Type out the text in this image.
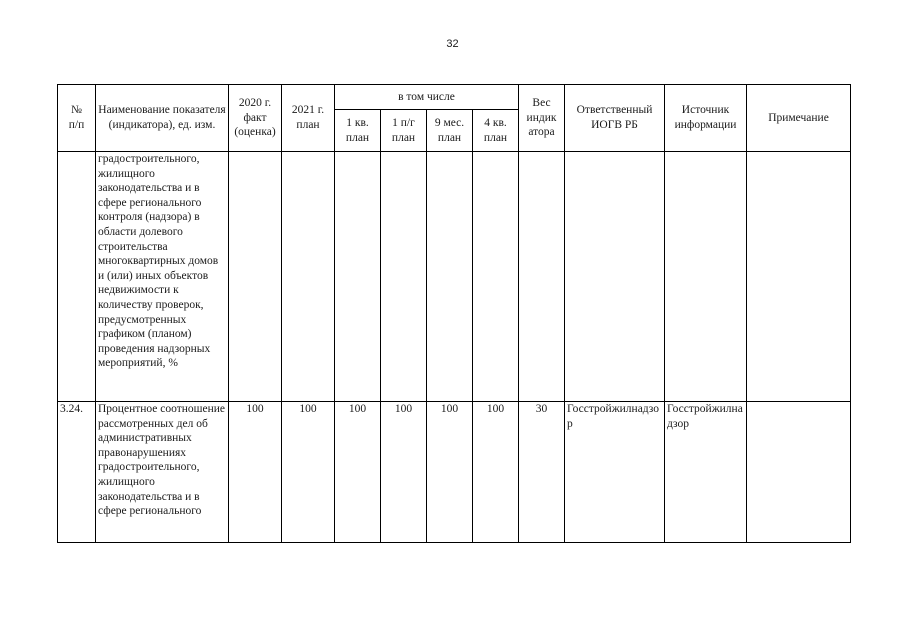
32
№
п/п	Наименование показателя (индикатора), ед. изм.	2020 г. факт (оценка)	2021 г. план	в том числе				Вес индик атора	Ответственный ИОГВ РБ	Источник информации	Примечание
				1 кв. план	1 п/г план	9 мес. план	4 кв. план				
	градостроительного, жилищного законодательства и в сфере регионального контроля (надзора) в области долевого строительства многоквартирных домов и (или) иных объектов недвижимости к количеству проверок, предусмотренных графиком (планом) проведения надзорных мероприятий, %										
3.24.	Процентное соотношение рассмотренных дел об административных правонарушениях градостроительного, жилищного законодательства и в сфере регионального	100	100	100	100	100	100	30	Госстройжилнадзор	Госстройжилнадзор	
